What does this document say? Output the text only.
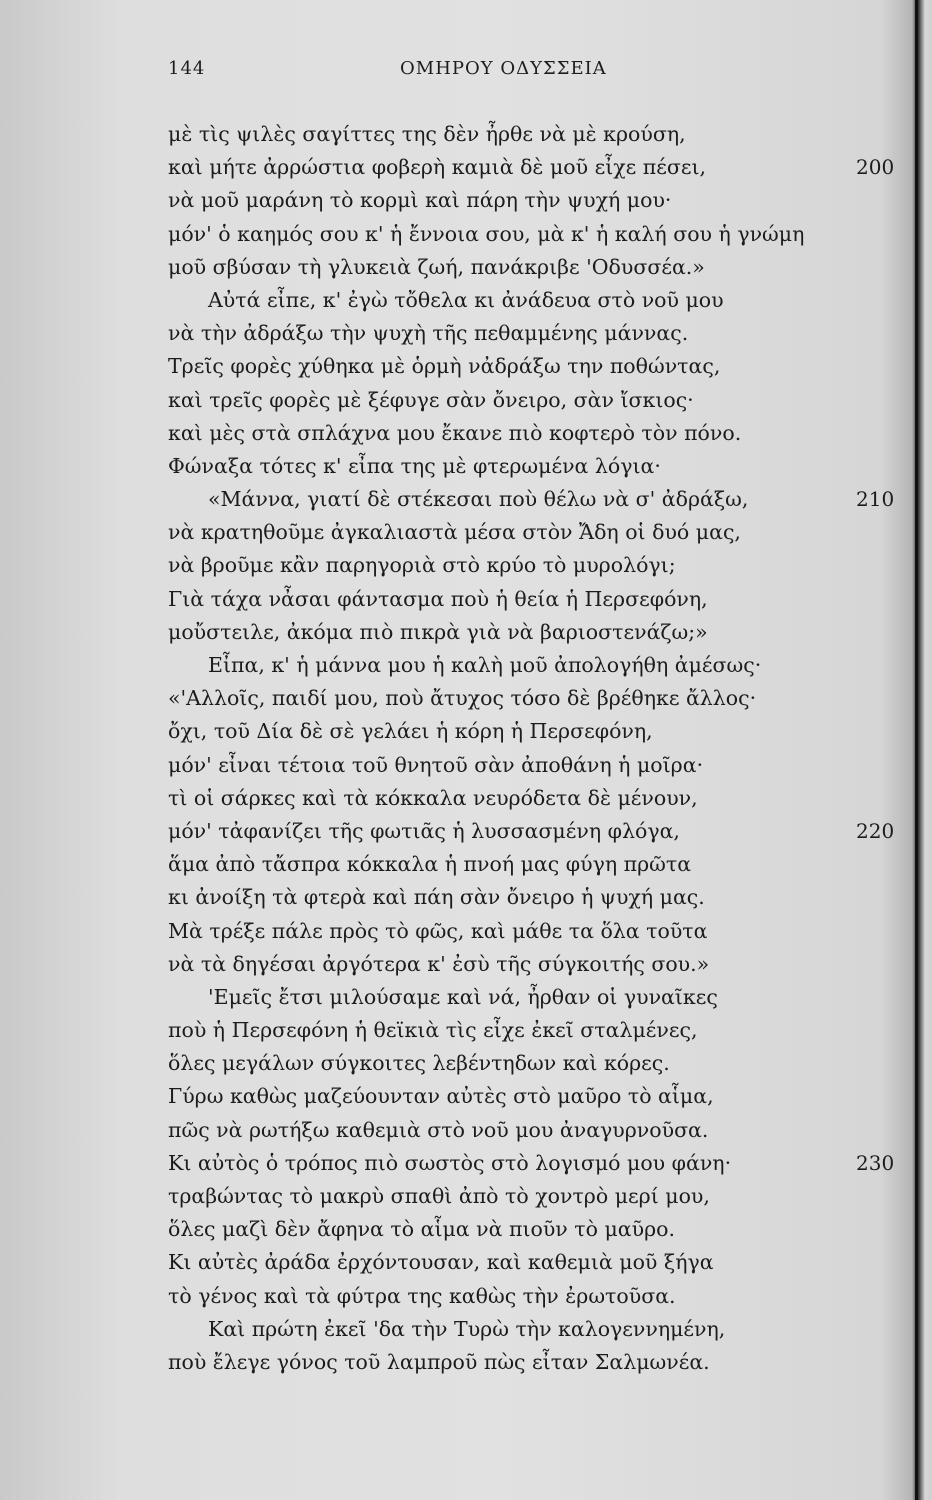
144	ΟΜΗΡΟΥ ΟΔΥΣΣΕΙΑ
μὲ τὶς ψιλὲς σαγίττες της δὲν ἦρθε νὰ μὲ κρούση,
καὶ μήτε ἀρρώστια φοβερὴ καμιὰ δὲ μοῦ εἶχε πέσει,	200
νὰ μοῦ μαράνη τὸ κορμὶ καὶ πάρη τὴν ψυχή μου·
μόν' ὁ καημός σου κ' ἡ ἔννοια σου, μὰ κ' ἡ καλή σου ἡ γνώμη
μοῦ σβύσαν τὴ γλυκειὰ ζωή, πανάκριβε 'Οδυσσέα.»
Αὐτά εἶπε, κ' ἐγὼ τὄθελα κι ἀνάδευα στὸ νοῦ μου
νὰ τὴν ἀδράξω τὴν ψυχὴ τῆς πεθαμμένης μάννας.
Τρεῖς φορὲς χύθηκα μὲ ὁρμὴ νἀδράξω την ποθώντας,
καὶ τρεῖς φορὲς μὲ ξέφυγε σὰν ὄνειρο, σὰν ἴσκιος·
καὶ μὲς στὰ σπλάχνα μου ἔκανε πιὸ κοφτερὸ τὸν πόνο.
Φώναξα τότες κ' εἶπα της μὲ φτερωμένα λόγια·
«Μάννα, γιατί δὲ στέκεσαι ποὺ θέλω νὰ σ' ἀδράξω,	210
νὰ κρατηθοῦμε ἀγκαλιαστὰ μέσα στὸν Ἄδη οἱ δυό μας,
νὰ βροῦμε κἂν παρηγοριὰ στὸ κρύο τὸ μυρολόγι;
Γιὰ τάχα νἆσαι φάντασμα ποὺ ἡ θεία ἡ Περσεφόνη,
μοὔστειλε, ἀκόμα πιὸ πικρὰ γιὰ νὰ βαριοστενάζω;»
Εἶπα, κ' ἡ μάννα μου ἡ καλὴ μοῦ ἀπολογήθη ἀμέσως·
«'Αλλοῖς, παιδί μου, ποὺ ἄτυχος τόσο δὲ βρέθηκε ἄλλος·
ὄχι, τοῦ Δία δὲ σὲ γελάει ἡ κόρη ἡ Περσεφόνη,
μόν' εἶναι τέτοια τοῦ θνητοῦ σὰν ἀποθάνη ἡ μοῖρα·
τὶ οἱ σάρκες καὶ τὰ κόκκαλα νευρόδετα δὲ μένουν,
μόν' τἀφανίζει τῆς φωτιᾶς ἡ λυσσασμένη φλόγα,	220
ἅμα ἀπὸ τἄσπρα κόκκαλα ἡ πνοή μας φύγη πρῶτα
κι ἀνοίξη τὰ φτερὰ καὶ πάη σὰν ὄνειρο ἡ ψυχή μας.
Μὰ τρέξε πάλε πρὸς τὸ φῶς, καὶ μάθε τα ὅλα τοῦτα
νὰ τὰ δηγέσαι ἀργότερα κ' ἐσὺ τῆς σύγκοιτής σου.»
'Εμεῖς ἔτσι μιλούσαμε καὶ νά, ἦρθαν οἱ γυναῖκες
ποὺ ἡ Περσεφόνη ἡ θεϊκιὰ τὶς εἶχε ἐκεῖ σταλμένες,
ὅλες μεγάλων σύγκοιτες λεβέντηδων καὶ κόρες.
Γύρω καθὼς μαζεύουνταν αὐτὲς στὸ μαῦρο τὸ αἷμα,
πῶς νὰ ρωτήξω καθεμιὰ στὸ νοῦ μου ἀναγυρνοῦσα.
Κι αὐτὸς ὁ τρόπος πιὸ σωστὸς στὸ λογισμό μου φάνη·	230
τραβώντας τὸ μακρὺ σπαθὶ ἀπὸ τὸ χοντρὸ μερί μου,
ὅλες μαζὶ δὲν ἄφηνα τὸ αἷμα νὰ πιοῦν τὸ μαῦρο.
Κι αὐτὲς ἀράδα ἐρχόντουσαν, καὶ καθεμιὰ μοῦ ξήγα
τὸ γένος καὶ τὰ φύτρα της καθὼς τὴν ἐρωτοῦσα.
Καὶ πρώτη ἐκεῖ 'δα τὴν Τυρὼ τὴν καλογεννημένη,
ποὺ ἔλεγε γόνος τοῦ λαμπροῦ πὼς εἶταν Σαλμωνέα.
